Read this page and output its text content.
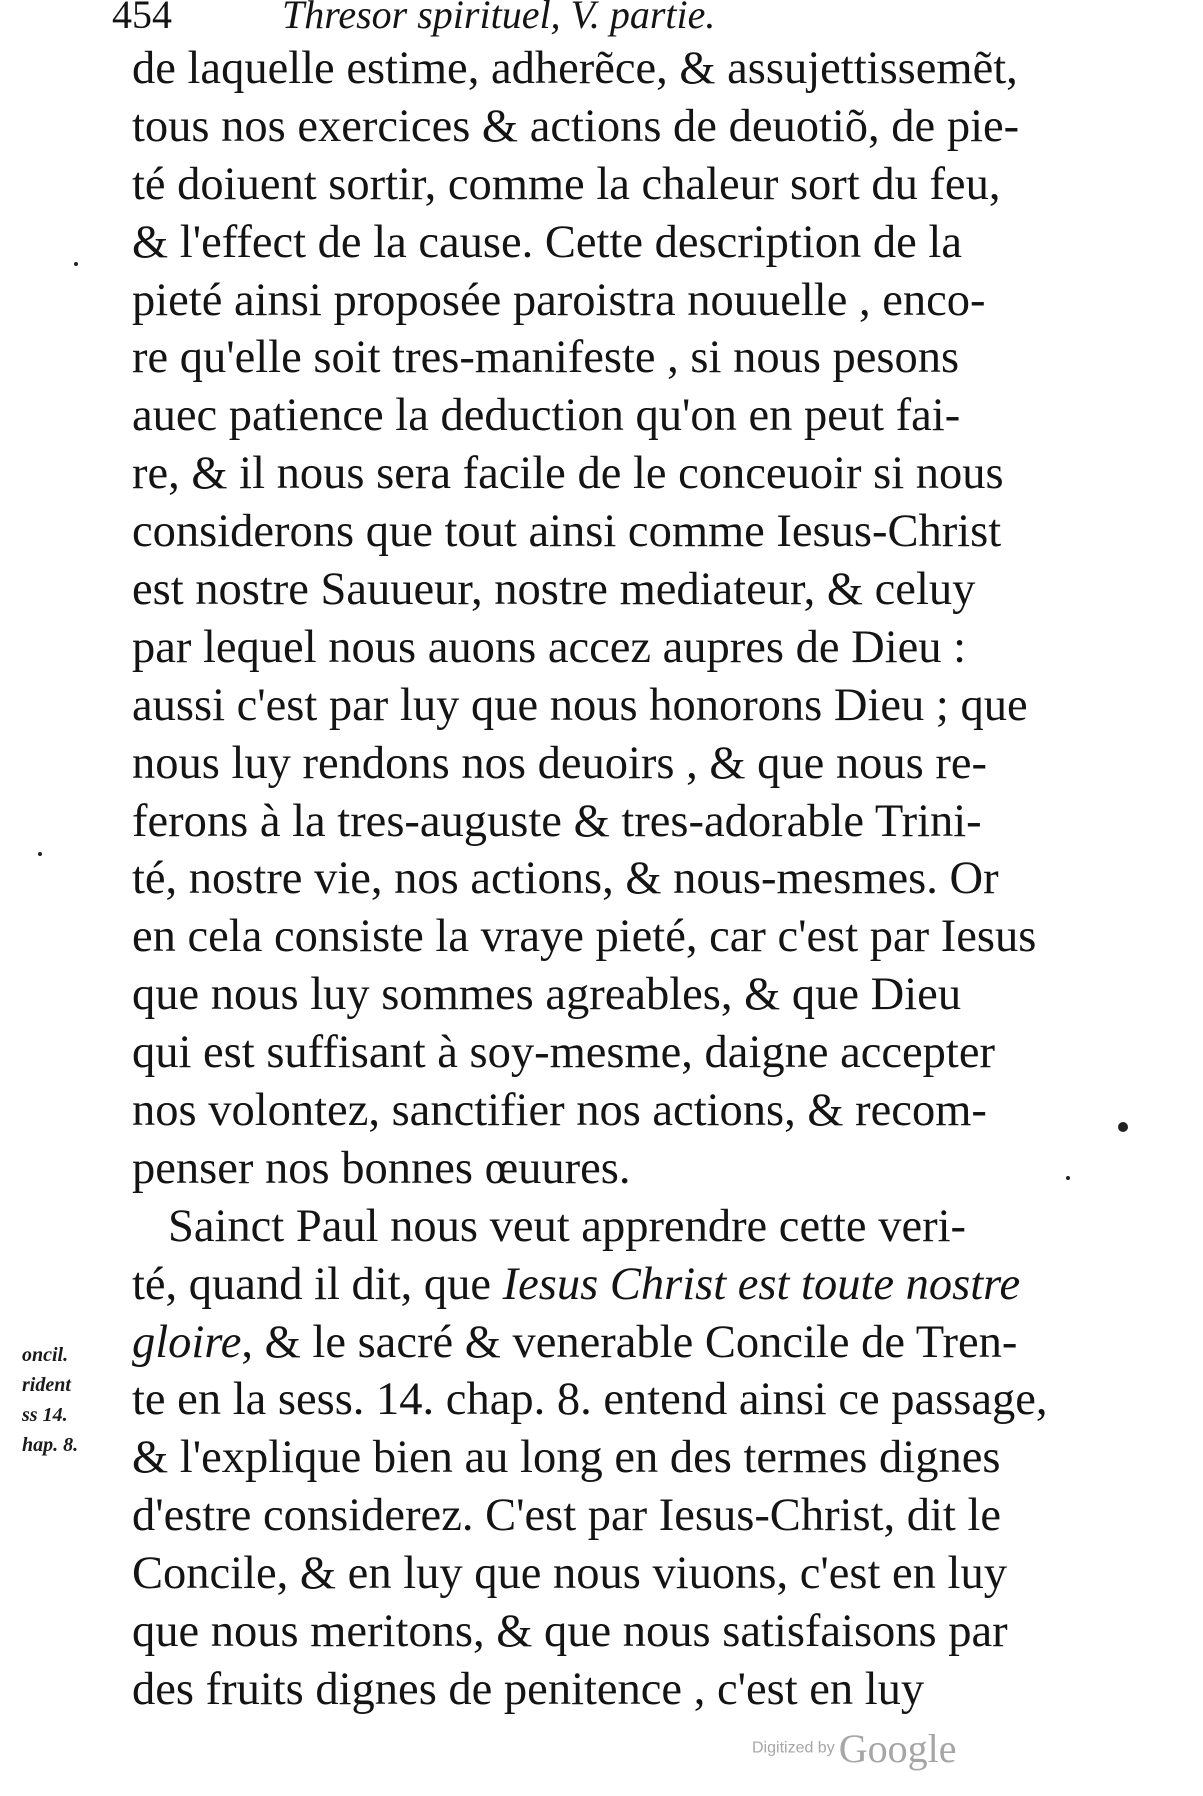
454	Thresor spirituel, V. partie.
de laquelle estime, adherẽce, & assujettissemẽt,
tous nos exercices & actions de deuotiõ, de pie-
té doiuent sortir, comme la chaleur sort du feu,
& l'effect de la cause. Cette description de la
pieté ainsi proposée paroistra nouuelle , enco-
re qu'elle soit tres-manifeste , si nous pesons
auec patience la deduction qu'on en peut fai-
re, & il nous sera facile de le conceuoir si nous
considerons que tout ainsi comme Iesus-Christ
est nostre Sauueur, nostre mediateur, & celuy
par lequel nous auons accez aupres de Dieu :
aussi c'est par luy que nous honorons Dieu ; que
nous luy rendons nos deuoirs , & que nous re-
ferons à la tres-auguste & tres-adorable Trini-
té, nostre vie, nos actions, & nous-mesmes. Or
en cela consiste la vraye pieté, car c'est par Iesus
que nous luy sommes agreables, & que Dieu
qui est suffisant à soy-mesme, daigne accepter
nos volontez, sanctifier nos actions, & recom-
penser nos bonnes œuures.
Sainct Paul nous veut apprendre cette veri-
té, quand il dit, que Iesus Christ est toute nostre
gloire, & le sacré & venerable Concile de Tren-
te en la sess. 14. chap. 8. entend ainsi ce passage,
& l'explique bien au long en des termes dignes
d'estre considerez. C'est par Iesus-Christ, dit le
Concile, & en luy que nous viuons, c'est en luy
que nous meritons, & que nous satisfaisons par
des fruits dignes de penitence , c'est en luy
oncil.
rident
ss 14.
hap. 8.
Digitized by Google
